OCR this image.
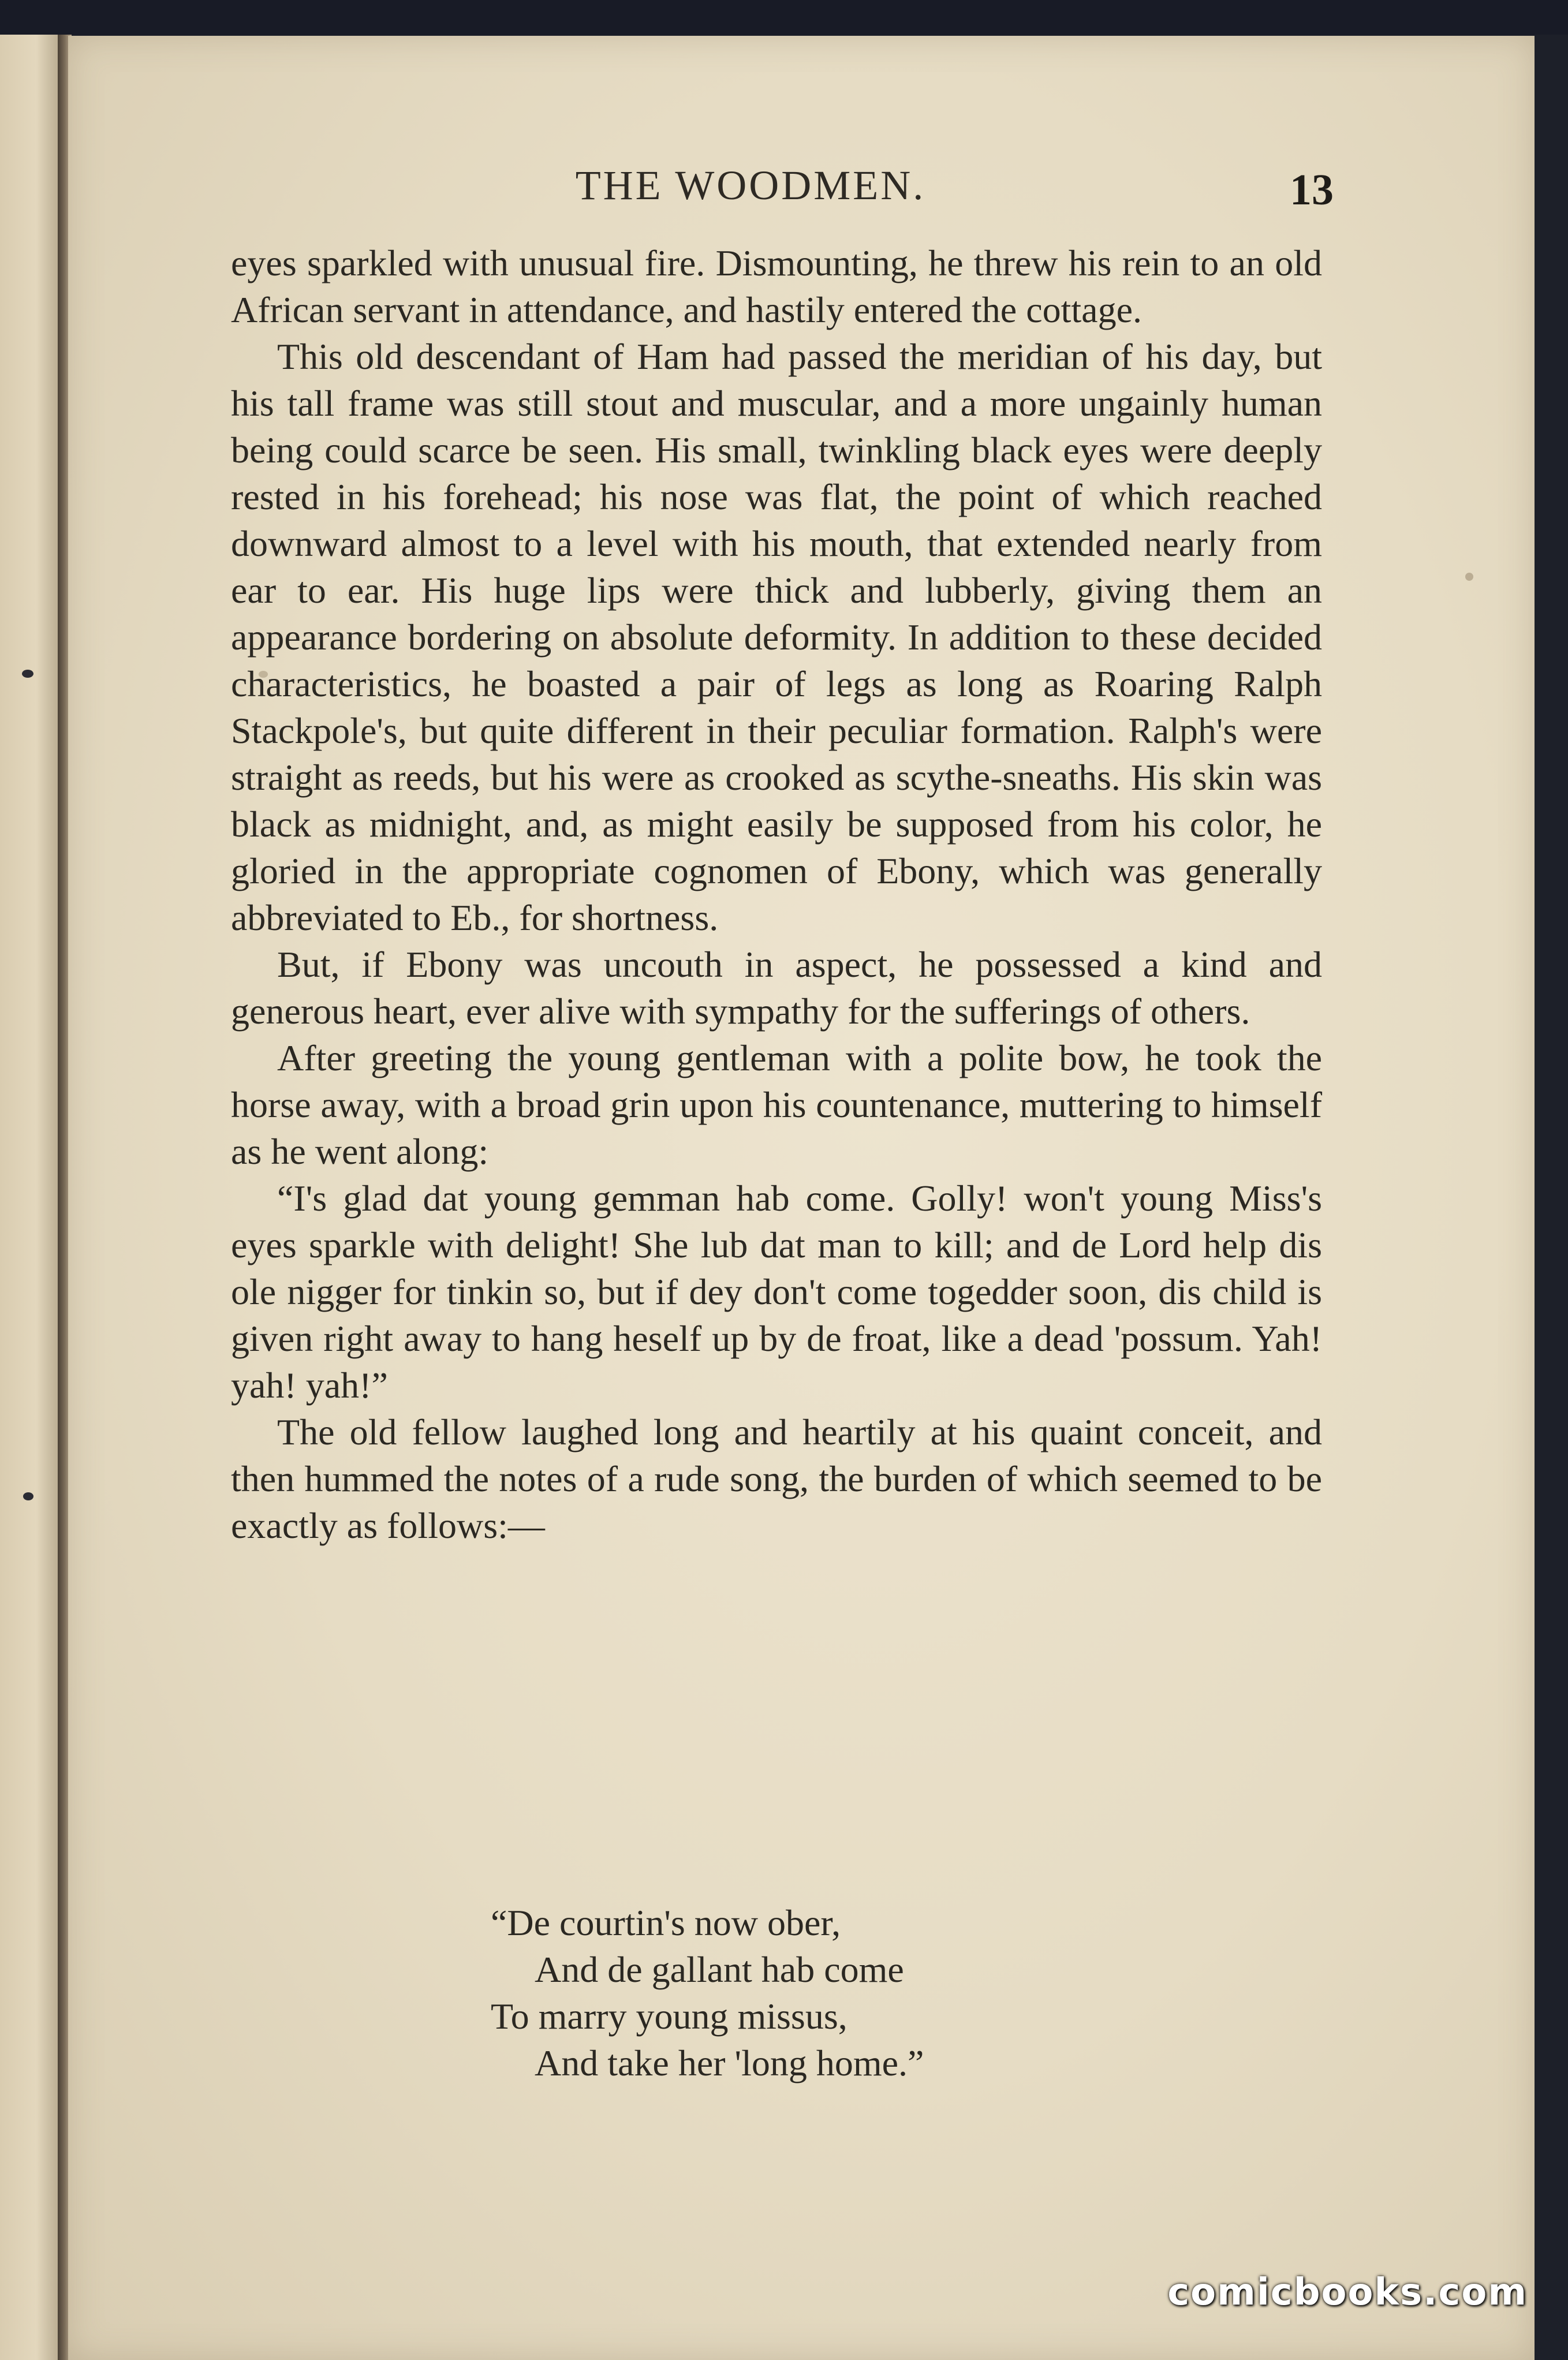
THE WOODMEN.	13

eyes sparkled with unusual fire. Dismounting, he threw his rein to an old African servant in attendance, and hastily entered the cottage.

This old descendant of Ham had passed the meridian of his day, but his tall frame was still stout and muscular, and a more ungainly human being could scarce be seen. His small, twinkling black eyes were deeply rested in his forehead; his nose was flat, the point of which reached downward almost to a level with his mouth, that extended nearly from ear to ear. His huge lips were thick and lubberly, giving them an appearance bordering on absolute deformity. In addition to these decided characteristics, he boasted a pair of legs as long as Roaring Ralph Stackpole's, but quite different in their peculiar formation. Ralph's were straight as reeds, but his were as crooked as scythe-sneaths. His skin was black as midnight, and, as might easily be supposed from his color, he gloried in the appropriate cognomen of Ebony, which was generally abbreviated to Eb., for shortness.

But, if Ebony was uncouth in aspect, he possessed a kind and generous heart, ever alive with sympathy for the sufferings of others.

After greeting the young gentleman with a polite bow, he took the horse away, with a broad grin upon his countenance, muttering to himself as he went along:

“I's glad dat young gemman hab come. Golly! won't young Miss's eyes sparkle with delight! She lub dat man to kill; and de Lord help dis ole nigger for tinkin so, but if dey don't come togedder soon, dis child is given right away to hang heself up by de froat, like a dead 'possum. Yah! yah! yah!”

The old fellow laughed long and heartily at his quaint conceit, and then hummed the notes of a rude song, the burden of which seemed to be exactly as follows:—

“De courtin's now ober,
And de gallant hab come
To marry young missus,
And take her 'long home.”
comicbooks.com
